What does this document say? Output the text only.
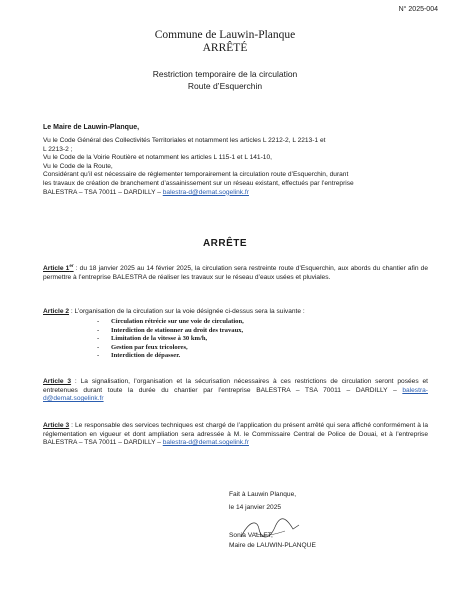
N° 2025-004
Commune de Lauwin-Planque
ARRÊTÉ
Restriction temporaire de la circulation
Route d’Esquerchin
Le Maire de Lauwin-Planque,
Vu le Code Général des Collectivités Territoriales et notamment les articles L 2212-2, L 2213-1 et
L 2213-2 ;
Vu le Code de la Voirie Routière et notamment les articles L 115-1 et L 141-10,
Vu le Code de la Route,
Considérant qu’il est nécessaire de réglementer temporairement la circulation route d’Esquerchin, durant
les travaux de création de branchement d’assainissement sur un réseau existant, effectués par l’entreprise
BALESTRA – TSA 70011 – DARDILLY – balestra-d@demat.sogelink.fr
ARRÊTE
Article 1er : du 18 janvier 2025 au 14 février 2025, la circulation sera restreinte route d’Esquerchin, aux abords du chantier afin de permettre à l’entreprise BALESTRA de réaliser les travaux sur le réseau d’eaux usées et pluviales.
Article 2 : L’organisation de la circulation sur la voie désignée ci-dessus sera la suivante :
- Circulation rétrécie sur une voie de circulation,
- Interdiction de stationner au droit des travaux,
- Limitation de la vitesse à 30 km/h,
- Gestion par feux tricolores,
- Interdiction de dépasser.
Article 3 : La signalisation, l’organisation et la sécurisation nécessaires à ces restrictions de circulation seront posées et entretenues durant toute la durée du chantier par l’entreprise BALESTRA – TSA 70011 – DARDILLY – balestra-d@demat.sogelink.fr
Article 3 : Le responsable des services techniques est chargé de l’application du présent arrêté qui sera affiché conformément à la réglementation en vigueur et dont ampliation sera adressée à M. le Commissaire Central de Police de Douai, et à l’entreprise BALESTRA – TSA 70011 – DARDILLY – balestra-d@demat.sogelink.fr
Fait à Lauwin Planque,
le 14 janvier 2025
Sonia VALLET,
Maire de LAUWIN-PLANQUE
